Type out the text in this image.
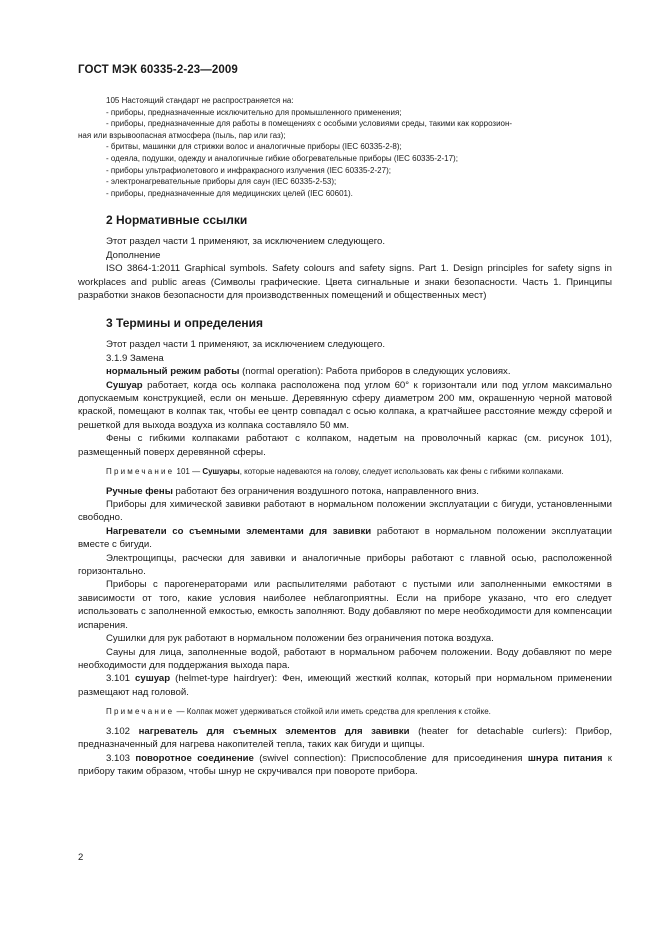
ГОСТ МЭК 60335-2-23—2009
105 Настоящий стандарт не распространяется на:
- приборы, предназначенные исключительно для промышленного применения;
- приборы, предназначенные для работы в помещениях с особыми условиями среды, такими как коррозион-
ная или взрывоопасная атмосфера (пыль, пар или газ);
- бритвы, машинки для стрижки волос и аналогичные приборы (IEC 60335-2-8);
- одеяла, подушки, одежду и аналогичные гибкие обогревательные приборы (IEC 60335-2-17);
- приборы ультрафиолетового и инфракрасного излучения (IEC 60335-2-27);
- электронагревательные приборы для саун (IEC 60335-2-53);
- приборы, предназначенные для медицинских целей (IEC 60601).
2 Нормативные ссылки

Этот раздел части 1 применяют, за исключением следующего.

Дополнение

ISO 3864-1:2011 Graphical symbols. Safety colours and safety signs. Part 1. Design principles for safety signs in workplaces and public areas (Символы графические. Цвета сигнальные и знаки безопасности. Часть 1. Принципы разработки знаков безопасности для производственных помещений и общественных мест)

3 Термины и определения

Этот раздел части 1 применяют, за исключением следующего.

3.1.9 Замена

нормальный режим работы (normal operation): Работа приборов в следующих условиях.

Сушуар работает, когда ось колпака расположена под углом 60° к горизонтали или под углом максимально допускаемым конструкцией, если он меньше. Деревянную сферу диаметром 200 мм, окрашенную черной матовой краской, помещают в колпак так, чтобы ее центр совпадал с осью колпака, а кратчайшее расстояние между сферой и решеткой для выхода воздуха из колпака составляло 50 мм.

Фены с гибкими колпаками работают с колпаком, надетым на проволочный каркас (см. рисунок 101), размещенный поверх деревянной сферы.

Примечание 101 — Сушуары, которые надеваются на голову, следует использовать как фены с гибкими колпаками.

Ручные фены работают без ограничения воздушного потока, направленного вниз.

Приборы для химической завивки работают в нормальном положении эксплуатации с бигуди, установленными свободно.

Нагреватели со съемными элементами для завивки работают в нормальном положении эксплуатации вместе с бигуди.

Электрощипцы, расчески для завивки и аналогичные приборы работают с главной осью, расположенной горизонтально.

Приборы с парогенераторами или распылителями работают с пустыми или заполненными емкостями в зависимости от того, какие условия наиболее неблагоприятны. Если на приборе указано, что его следует использовать с заполненной емкостью, емкость заполняют. Воду добавляют по мере необходимости для компенсации испарения.

Сушилки для рук работают в нормальном положении без ограничения потока воздуха.

Сауны для лица, заполненные водой, работают в нормальном рабочем положении. Воду добавляют по мере необходимости для поддержания выхода пара.

3.101 сушуар (helmet-type hairdryer): Фен, имеющий жесткий колпак, который при нормальном применении размещают над головой.

Примечание — Колпак может удерживаться стойкой или иметь средства для крепления к стойке.

3.102 нагреватель для съемных элементов для завивки (heater for detachable curlers): Прибор, предназначенный для нагрева накопителей тепла, таких как бигуди и щипцы.

3.103 поворотное соединение (swivel connection): Приспособление для присоединения шнура питания к прибору таким образом, чтобы шнур не скручивался при повороте прибора.

2
